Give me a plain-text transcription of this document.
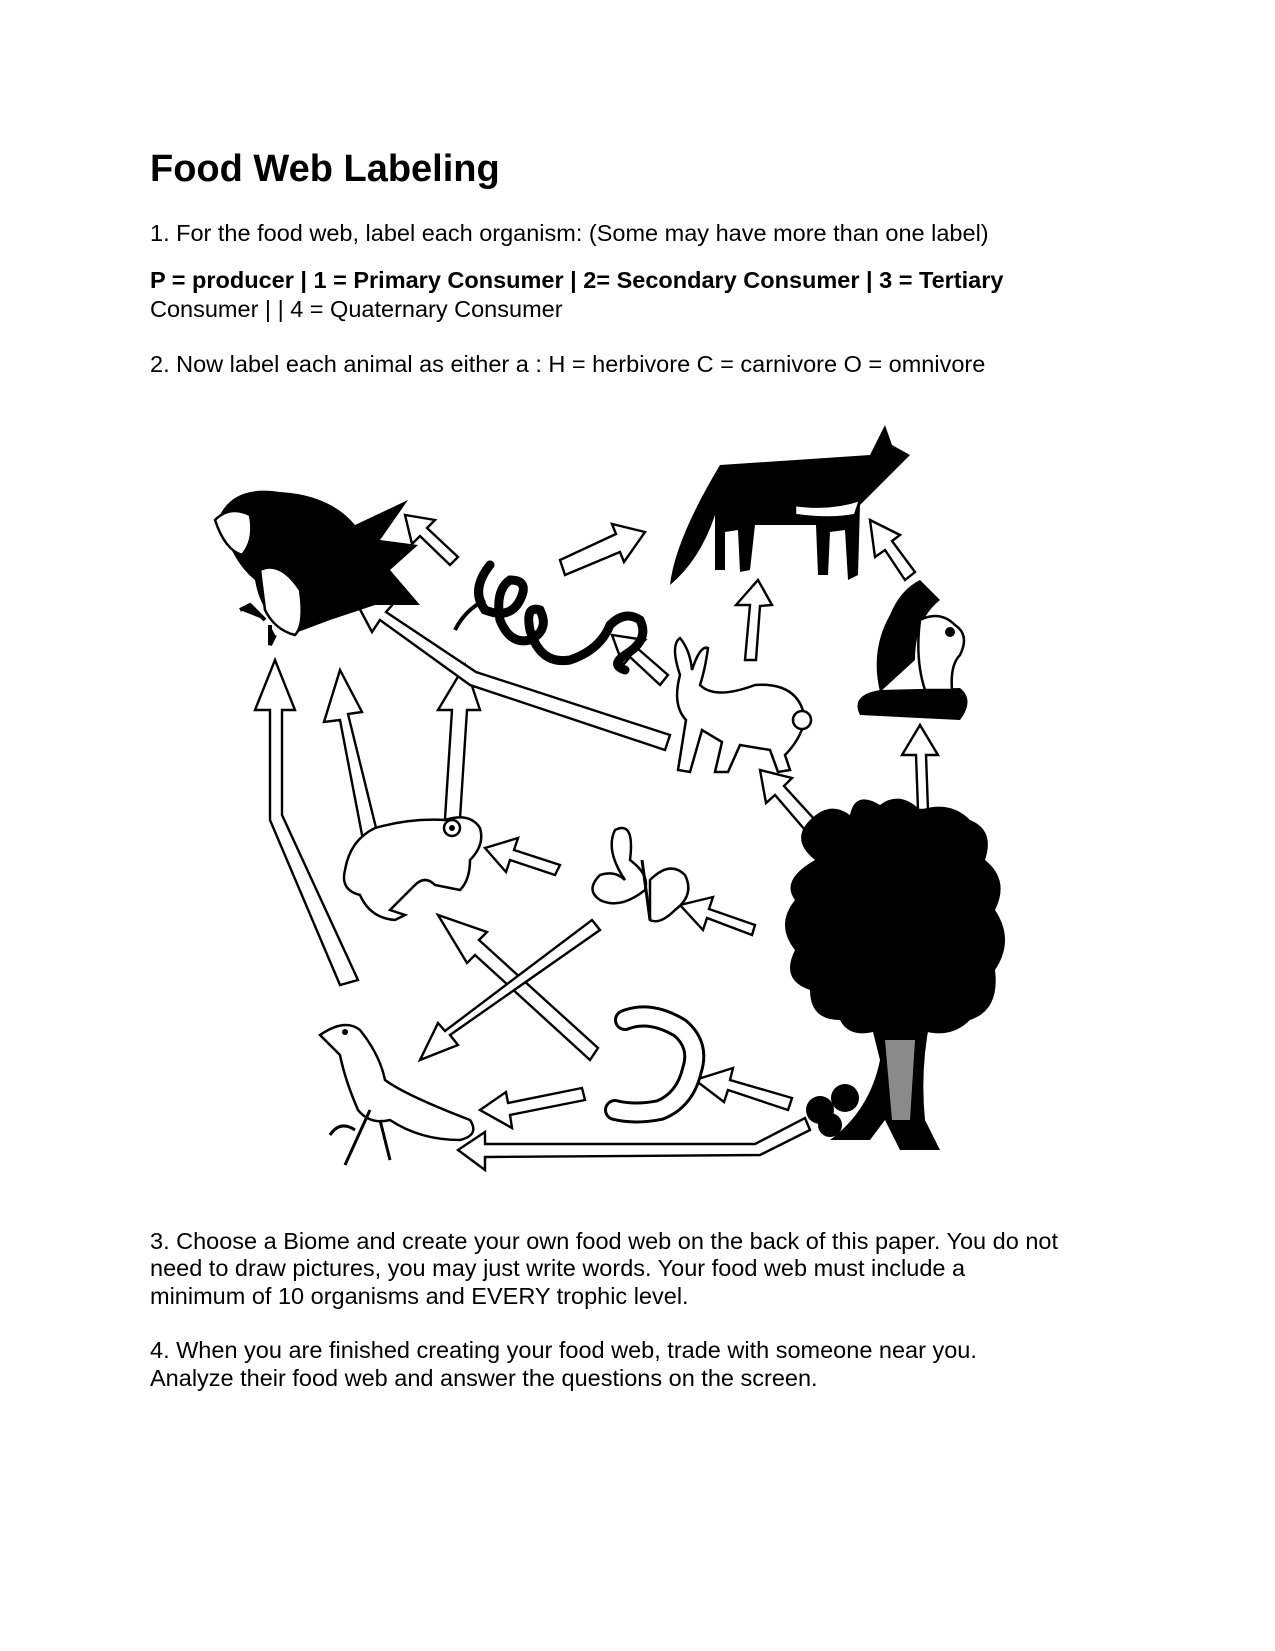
Food Web Labeling
1. For the food web, label each organism: (Some may have more than one label)
P = producer | 1 = Primary Consumer | 2= Secondary Consumer | 3 = Tertiary
Consumer | | 4 = Quaternary Consumer
2. Now label each animal as either a : H = herbivore C = carnivore O = omnivore
3. Choose a Biome and create your own food web on the back of this paper. You do not
need to draw pictures, you may just write words. Your food web must include a
minimum of 10 organisms and EVERY trophic level.
4. When you are finished creating your food web, trade with someone near you.
Analyze their food web and answer the questions on the screen.
